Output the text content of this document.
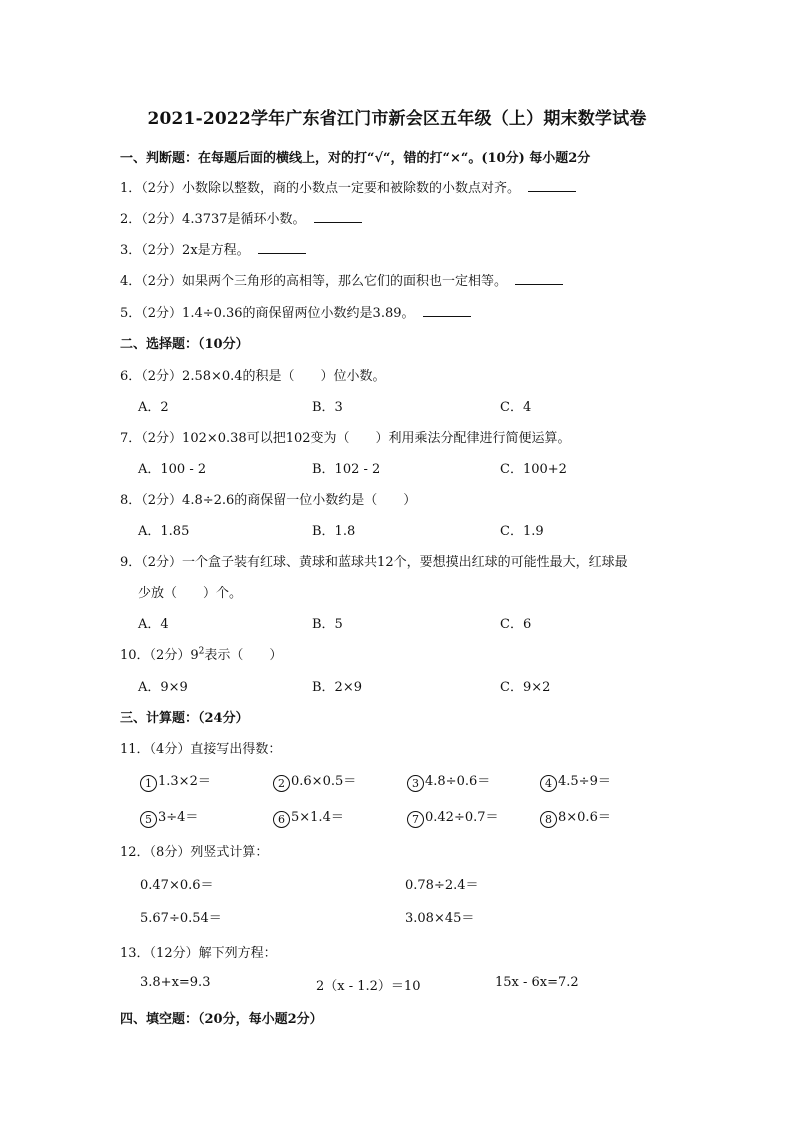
2021-2022学年广东省江门市新会区五年级（上）期末数学试卷
一、判断题：在每题后面的横线上，对的打“√“，错的打“×“。(10分) 每小题2分
1．（2分）小数除以整数，商的小数点一定要和被除数的小数点对齐。
2．（2分）4.3737是循环小数。
3．（2分）2x是方程。
4．（2分）如果两个三角形的高相等，那么它们的面积也一定相等。
5．（2分）1.4÷0.36的商保留两位小数约是3.89。
二、选择题：（10分）
6．（2分）2.58×0.4的积是（　　）位小数。
A．2	B．3	C．4
7．（2分）102×0.38可以把102变为（　　）利用乘法分配律进行简便运算。
A．100 - 2	B．102 - 2	C．100+2
8．（2分）4.8÷2.6的商保留一位小数约是（　　）
A．1.85	B．1.8	C．1.9
9．（2分）一个盒子装有红球、黄球和蓝球共12个，要想摸出红球的可能性最大，红球最
少放（　　）个。
A．4	B．5	C．6
10．（2分）$9^2$表示（　　）
A．9×9	B．2×9	C．9×2
三、计算题：（24分）
11．（4分）直接写出得数：
1 1.3×2＝	2 0.6×0.5＝	3 4.8÷0.6＝	4 4.5÷9＝
5 3÷4＝	6 5×1.4＝	7 0.42÷0.7＝	8 8×0.6＝
12．（8分）列竖式计算：
0.47×0.6＝	0.78÷2.4＝
5.67÷0.54＝	3.08×45＝
13．（12分）解下列方程：
3.8+x=9.3	2（x - 1.2）＝10	15x - 6x=7.2
四、填空题：（20分，每小题2分）
